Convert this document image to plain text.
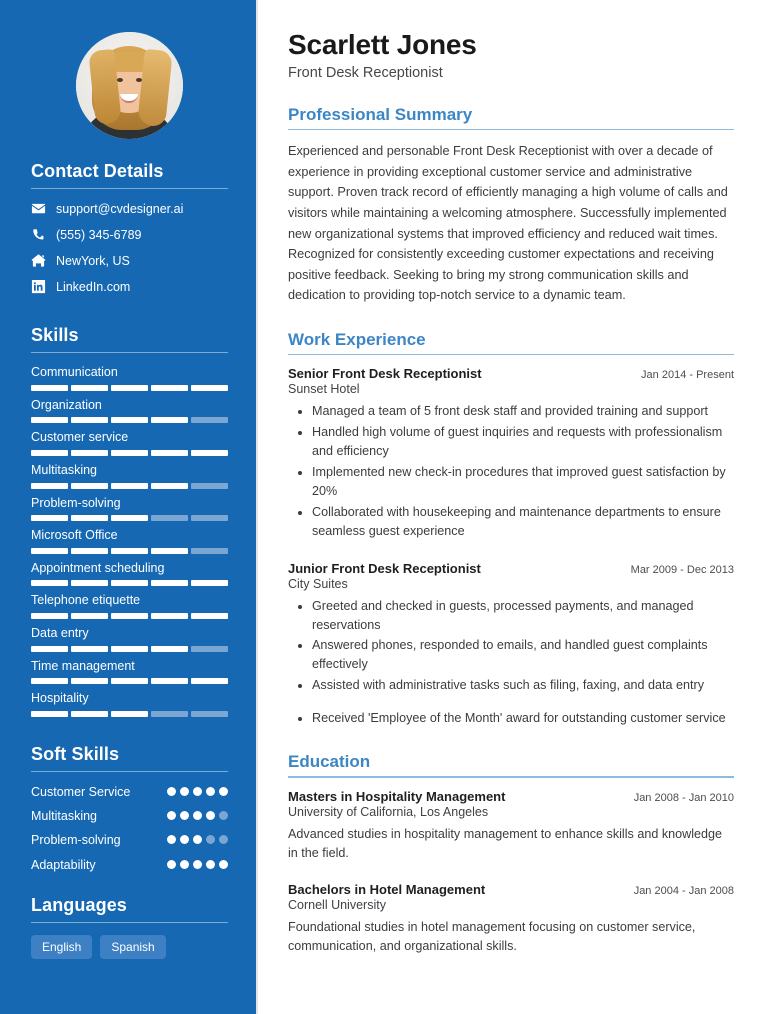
Contact Details
support@cvdesigner.ai
(555) 345-6789
NewYork, US
LinkedIn.com
Skills
Communication
Organization
Customer service
Multitasking
Problem-solving
Microsoft Office
Appointment scheduling
Telephone etiquette
Data entry
Time management
Hospitality
Soft Skills
Customer Service
Multitasking
Problem-solving
Adaptability
Languages
English	Spanish
Scarlett Jones
Front Desk Receptionist
Professional Summary

Experienced and personable Front Desk Receptionist with over a decade of experience in providing exceptional customer service and administrative support. Proven track record of efficiently managing a high volume of calls and visitors while maintaining a welcoming atmosphere. Successfully implemented new organizational systems that improved efficiency and reduced wait times. Recognized for consistently exceeding customer expectations and receiving positive feedback. Seeking to bring my strong communication skills and dedication to providing top-notch service to a dynamic team.

Work Experience
Senior Front Desk Receptionist	Jan 2014 - Present
Sunset Hotel
• Managed a team of 5 front desk staff and provided training and support
• Handled high volume of guest inquiries and requests with professionalism and efficiency
• Implemented new check-in procedures that improved guest satisfaction by 20%
• Collaborated with housekeeping and maintenance departments to ensure seamless guest experience
Junior Front Desk Receptionist	Mar 2009 - Dec 2013
City Suites
• Greeted and checked in guests, processed payments, and managed reservations
• Answered phones, responded to emails, and handled guest complaints effectively
• Assisted with administrative tasks such as filing, faxing, and data entry
• Received 'Employee of the Month' award for outstanding customer service
Education
Masters in Hospitality Management	Jan 2008 - Jan 2010
University of California, Los Angeles
Advanced studies in hospitality management to enhance skills and knowledge in the field.
Bachelors in Hotel Management	Jan 2004 - Jan 2008
Cornell University
Foundational studies in hotel management focusing on customer service, communication, and organizational skills.
